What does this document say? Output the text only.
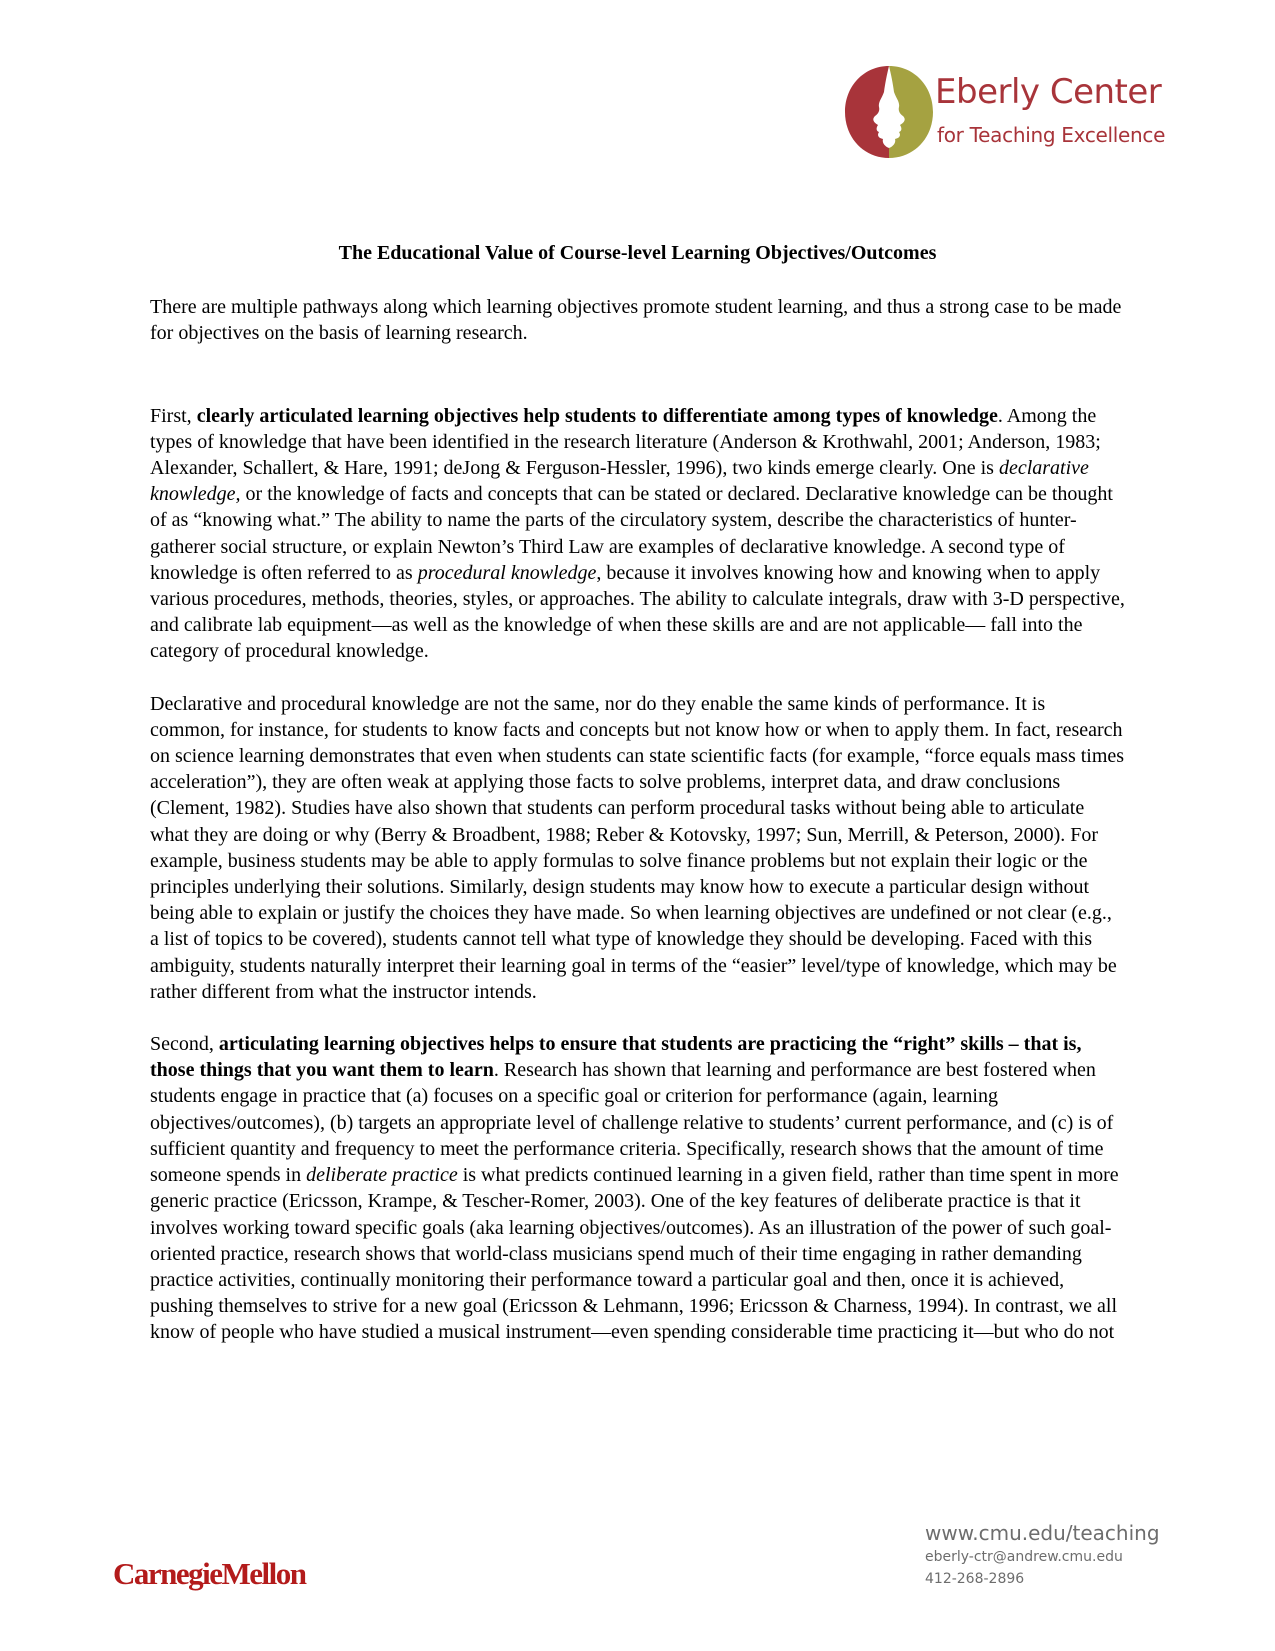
Eberly Center
for Teaching Excellence
The Educational Value of Course-level Learning Objectives/Outcomes

There are multiple pathways along which learning objectives promote student learning, and thus a strong case to be made for objectives on the basis of learning research.

First, clearly articulated learning objectives help students to differentiate among types of knowledge. Among the types of knowledge that have been identified in the research literature (Anderson & Krothwahl, 2001; Anderson, 1983; Alexander, Schallert, & Hare, 1991; deJong & Ferguson-Hessler, 1996), two kinds emerge clearly. One is declarative knowledge, or the knowledge of facts and concepts that can be stated or declared. Declarative knowledge can be thought of as “knowing what.” The ability to name the parts of the circulatory system, describe the characteristics of hunter-gatherer social structure, or explain Newton’s Third Law are examples of declarative knowledge. A second type of knowledge is often referred to as procedural knowledge, because it involves knowing how and knowing when to apply various procedures, methods, theories, styles, or approaches. The ability to calculate integrals, draw with 3-D perspective, and calibrate lab equipment—as well as the knowledge of when these skills are and are not applicable— fall into the category of procedural knowledge.

Declarative and procedural knowledge are not the same, nor do they enable the same kinds of performance. It is common, for instance, for students to know facts and concepts but not know how or when to apply them. In fact, research on science learning demonstrates that even when students can state scientific facts (for example, “force equals mass times acceleration”), they are often weak at applying those facts to solve problems, interpret data, and draw conclusions (Clement, 1982). Studies have also shown that students can perform procedural tasks without being able to articulate what they are doing or why (Berry & Broadbent, 1988; Reber & Kotovsky, 1997; Sun, Merrill, & Peterson, 2000). For example, business students may be able to apply formulas to solve finance problems but not explain their logic or the principles underlying their solutions. Similarly, design students may know how to execute a particular design without being able to explain or justify the choices they have made. So when learning objectives are undefined or not clear (e.g., a list of topics to be covered), students cannot tell what type of knowledge they should be developing. Faced with this ambiguity, students naturally interpret their learning goal in terms of the “easier” level/type of knowledge, which may be rather different from what the instructor intends.

Second, articulating learning objectives helps to ensure that students are practicing the “right” skills – that is, those things that you want them to learn. Research has shown that learning and performance are best fostered when students engage in practice that (a) focuses on a specific goal or criterion for performance (again, learning objectives/outcomes), (b) targets an appropriate level of challenge relative to students’ current performance, and (c) is of sufficient quantity and frequency to meet the performance criteria. Specifically, research shows that the amount of time someone spends in deliberate practice is what predicts continued learning in a given field, rather than time spent in more generic practice (Ericsson, Krampe, & Tescher-Romer, 2003). One of the key features of deliberate practice is that it involves working toward specific goals (aka learning objectives/outcomes). As an illustration of the power of such goal-oriented practice, research shows that world-class musicians spend much of their time engaging in rather demanding practice activities, continually monitoring their performance toward a particular goal and then, once it is achieved, pushing themselves to strive for a new goal (Ericsson & Lehmann, 1996; Ericsson & Charness, 1994). In contrast, we all know of people who have studied a musical instrument—even spending considerable time practicing it—but who do not

CarnegieMellon
www.cmu.edu/teaching
eberly-ctr@andrew.cmu.edu
412-268-2896
